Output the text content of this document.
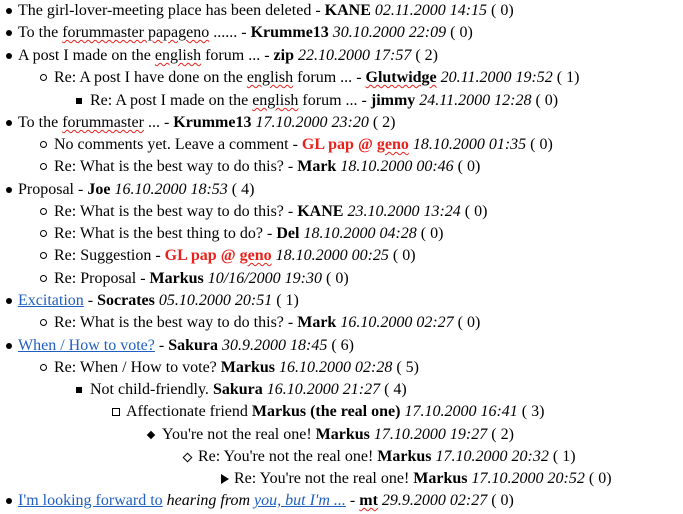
The girl-lover-meeting place has been deleted - KANE 02.11.2000 14:15 ( 0)
To the forummaster papageno ...... - Krumme13 30.10.2000 22:09 ( 0)
A post I made on the english forum ... - zip 22.10.2000 17:57 ( 2)
Re: A post I have done on the english forum ... - Glutwidge 20.11.2000 19:52 ( 1)
Re: A post I made on the english forum ... - jimmy 24.11.2000 12:28 ( 0)
To the forummaster ... - Krumme13 17.10.2000 23:20 ( 2)
No comments yet. Leave a comment - GL pap @ geno 18.10.2000 01:35 ( 0)
Re: What is the best way to do this? - Mark 18.10.2000 00:46 ( 0)
Proposal - Joe 16.10.2000 18:53 ( 4)
Re: What is the best way to do this? - KANE 23.10.2000 13:24 ( 0)
Re: What is the best thing to do? - Del 18.10.2000 04:28 ( 0)
Re: Suggestion - GL pap @ geno 18.10.2000 00:25 ( 0)
Re: Proposal - Markus 10/16/2000 19:30 ( 0)
Excitation - Socrates 05.10.2000 20:51 ( 1)
Re: What is the best way to do this? - Mark 16.10.2000 02:27 ( 0)
When / How to vote? - Sakura 30.9.2000 18:45 ( 6)
Re: When / How to vote? Markus 16.10.2000 02:28 ( 5)
Not child-friendly. Sakura 16.10.2000 21:27 ( 4)
Affectionate friend Markus (the real one) 17.10.2000 16:41 ( 3)
You're not the real one! Markus 17.10.2000 19:27 ( 2)
Re: You're not the real one! Markus 17.10.2000 20:32 ( 1)
Re: You're not the real one! Markus 17.10.2000 20:52 ( 0)
I'm looking forward to hearing from you, but I'm ... - mt 29.9.2000 02:27 ( 0)
